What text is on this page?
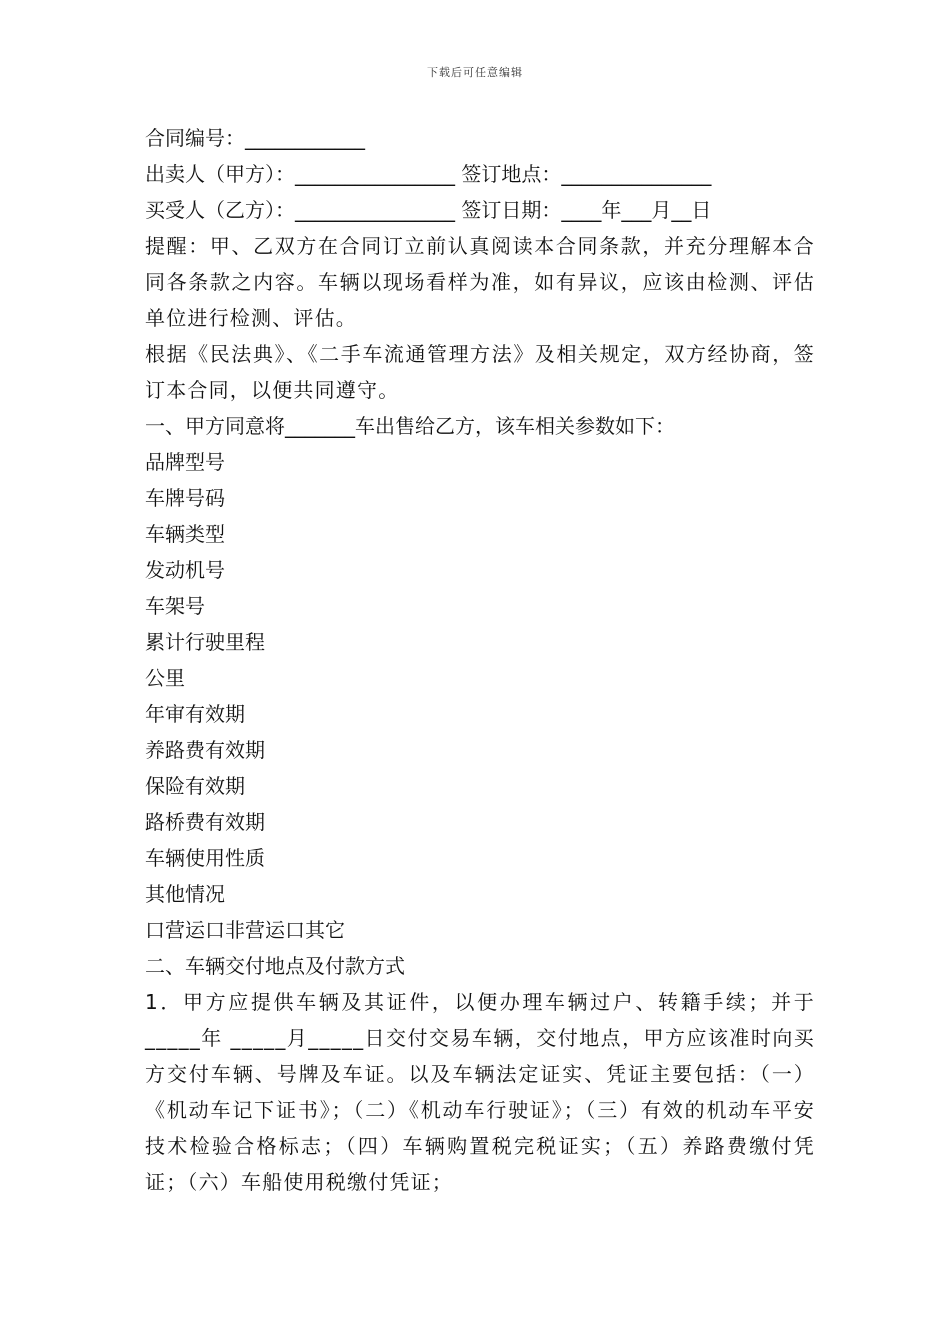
下载后可任意编辑
合同编号：____________
出卖人（甲方）：________________ 签订地点：_______________
买受人（乙方）：________________ 签订日期：____年___月__日
提醒：甲、乙双方在合同订立前认真阅读本合同条款，并充分理解本合同各条款之内容。车辆以现场看样为准，如有异议，应该由检测、评估单位进行检测、评估。
根据《民法典》、《二手车流通管理方法》及相关规定，双方经协商，签订本合同，以便共同遵守。
一、甲方同意将_______车出售给乙方，该车相关参数如下：
品牌型号
车牌号码
车辆类型
发动机号
车架号
累计行驶里程
公里
年审有效期
养路费有效期
保险有效期
路桥费有效期
车辆使用性质
其他情况
口营运口非营运口其它
二、车辆交付地点及付款方式
1．甲方应提供车辆及其证件，以便办理车辆过户、转籍手续；并于_____年 _____月_____日交付交易车辆，交付地点，甲方应该准时向买方交付车辆、号牌及车证。以及车辆法定证实、凭证主要包括：（一）《机动车记下证书》；（二）《机动车行驶证》；（三）有效的机动车平安技术检验合格标志；（四）车辆购置税完税证实；（五）养路费缴付凭证；（六）车船使用税缴付凭证；
